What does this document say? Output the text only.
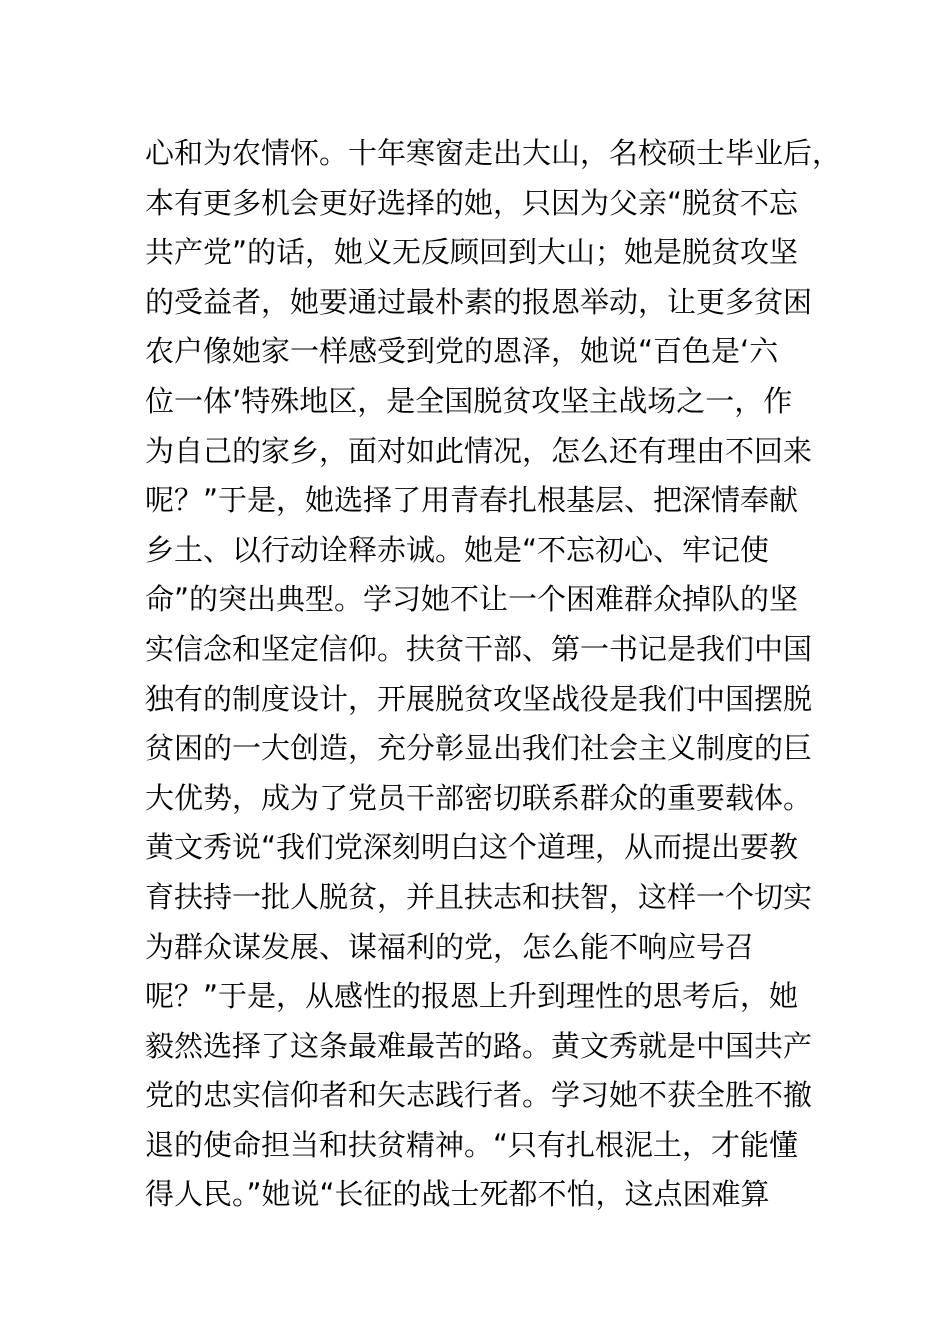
心和为农情怀。十年寒窗走出大山，名校硕士毕业后，
本有更多机会更好选择的她，只因为父亲“脱贫不忘
共产党”的话，她义无反顾回到大山；她是脱贫攻坚
的受益者，她要通过最朴素的报恩举动，让更多贫困
农户像她家一样感受到党的恩泽，她说“百色是‘六
位一体’特殊地区，是全国脱贫攻坚主战场之一，作
为自己的家乡，面对如此情况，怎么还有理由不回来
呢？”于是，她选择了用青春扎根基层、把深情奉献
乡土、以行动诠释赤诚。她是“不忘初心、牢记使
命”的突出典型。学习她不让一个困难群众掉队的坚
实信念和坚定信仰。扶贫干部、第一书记是我们中国
独有的制度设计，开展脱贫攻坚战役是我们中国摆脱
贫困的一大创造，充分彰显出我们社会主义制度的巨
大优势，成为了党员干部密切联系群众的重要载体。
黄文秀说“我们党深刻明白这个道理，从而提出要教
育扶持一批人脱贫，并且扶志和扶智，这样一个切实
为群众谋发展、谋福利的党，怎么能不响应号召
呢？”于是，从感性的报恩上升到理性的思考后，她
毅然选择了这条最难最苦的路。黄文秀就是中国共产
党的忠实信仰者和矢志践行者。学习她不获全胜不撤
退的使命担当和扶贫精神。“只有扎根泥土，才能懂
得人民。”她说“长征的战士死都不怕，这点困难算
